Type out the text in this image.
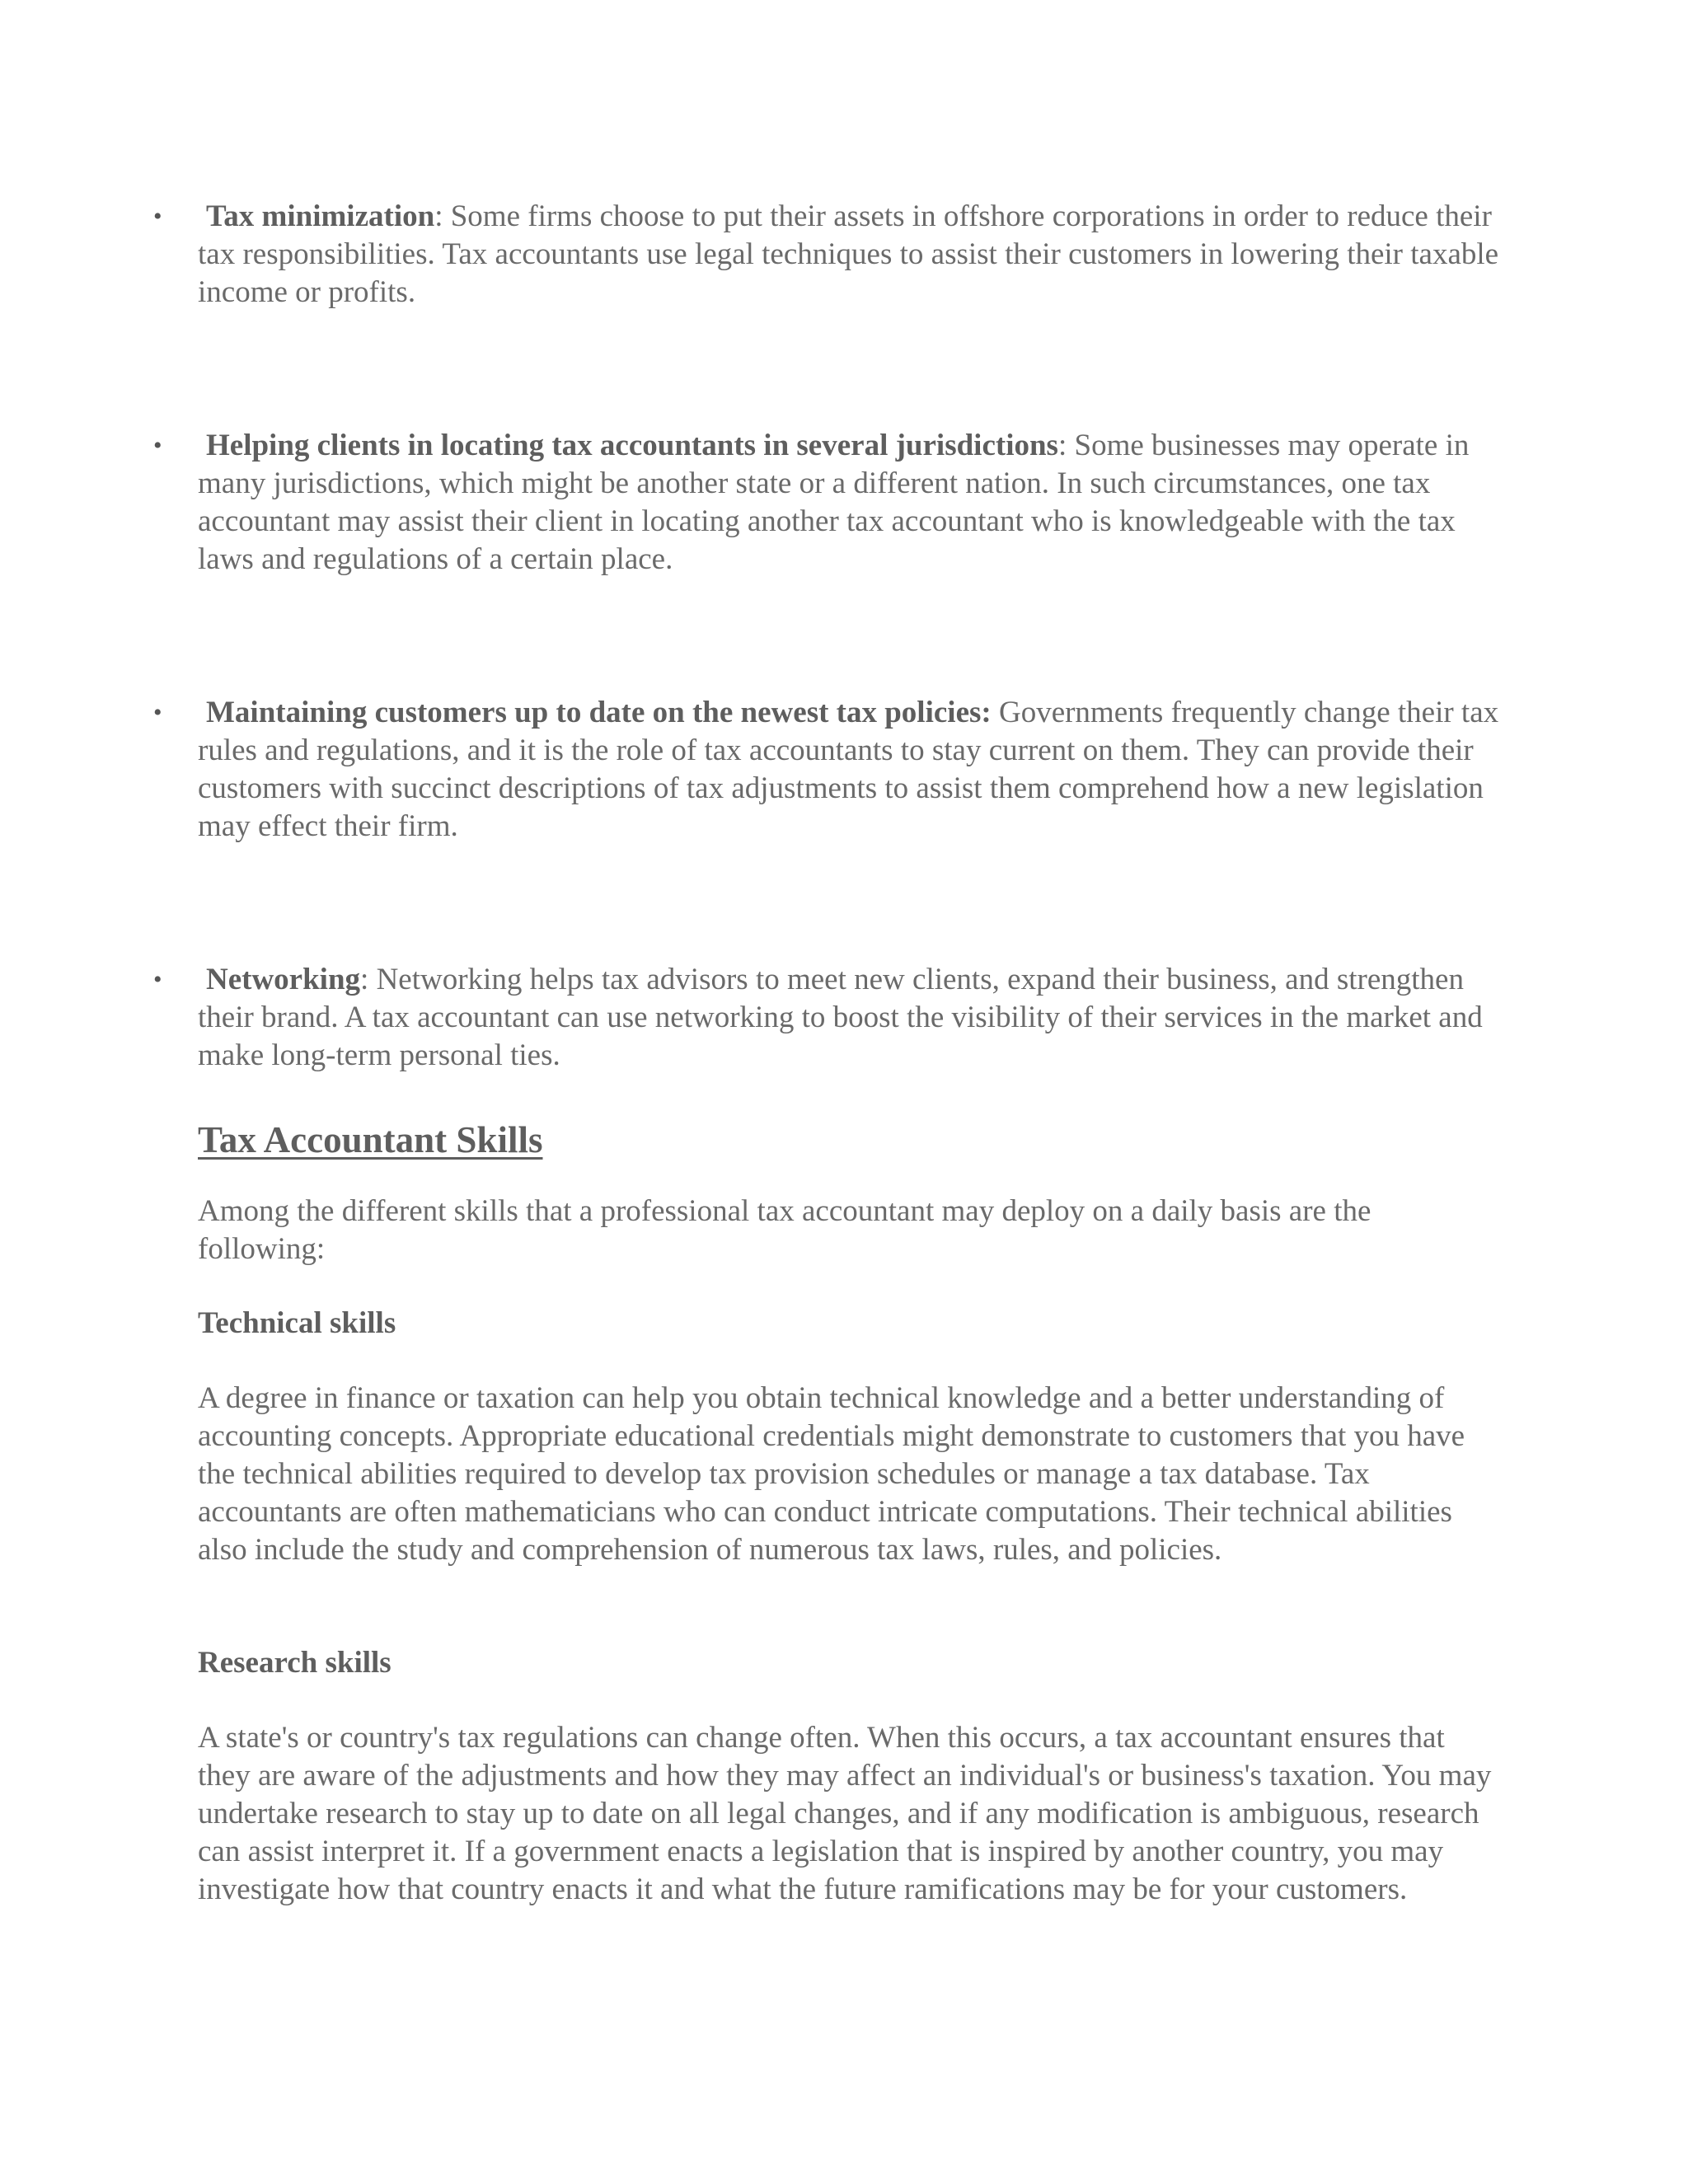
• Tax minimization: Some firms choose to put their assets in offshore corporations in order to reduce their tax responsibilities. Tax accountants use legal techniques to assist their customers in lowering their taxable income or profits.
• Helping clients in locating tax accountants in several jurisdictions: Some businesses may operate in many jurisdictions, which might be another state or a different nation. In such circumstances, one tax accountant may assist their client in locating another tax accountant who is knowledgeable with the tax laws and regulations of a certain place.
• Maintaining customers up to date on the newest tax policies: Governments frequently change their tax rules and regulations, and it is the role of tax accountants to stay current on them. They can provide their customers with succinct descriptions of tax adjustments to assist them comprehend how a new legislation may effect their firm.
• Networking: Networking helps tax advisors to meet new clients, expand their business, and strengthen their brand. A tax accountant can use networking to boost the visibility of their services in the market and make long-term personal ties.
Tax Accountant Skills
Among the different skills that a professional tax accountant may deploy on a daily basis are the following:
Technical skills
A degree in finance or taxation can help you obtain technical knowledge and a better understanding of accounting concepts. Appropriate educational credentials might demonstrate to customers that you have the technical abilities required to develop tax provision schedules or manage a tax database. Tax accountants are often mathematicians who can conduct intricate computations. Their technical abilities also include the study and comprehension of numerous tax laws, rules, and policies.
Research skills
A state's or country's tax regulations can change often. When this occurs, a tax accountant ensures that they are aware of the adjustments and how they may affect an individual's or business's taxation. You may undertake research to stay up to date on all legal changes, and if any modification is ambiguous, research can assist interpret it. If a government enacts a legislation that is inspired by another country, you may investigate how that country enacts it and what the future ramifications may be for your customers.
